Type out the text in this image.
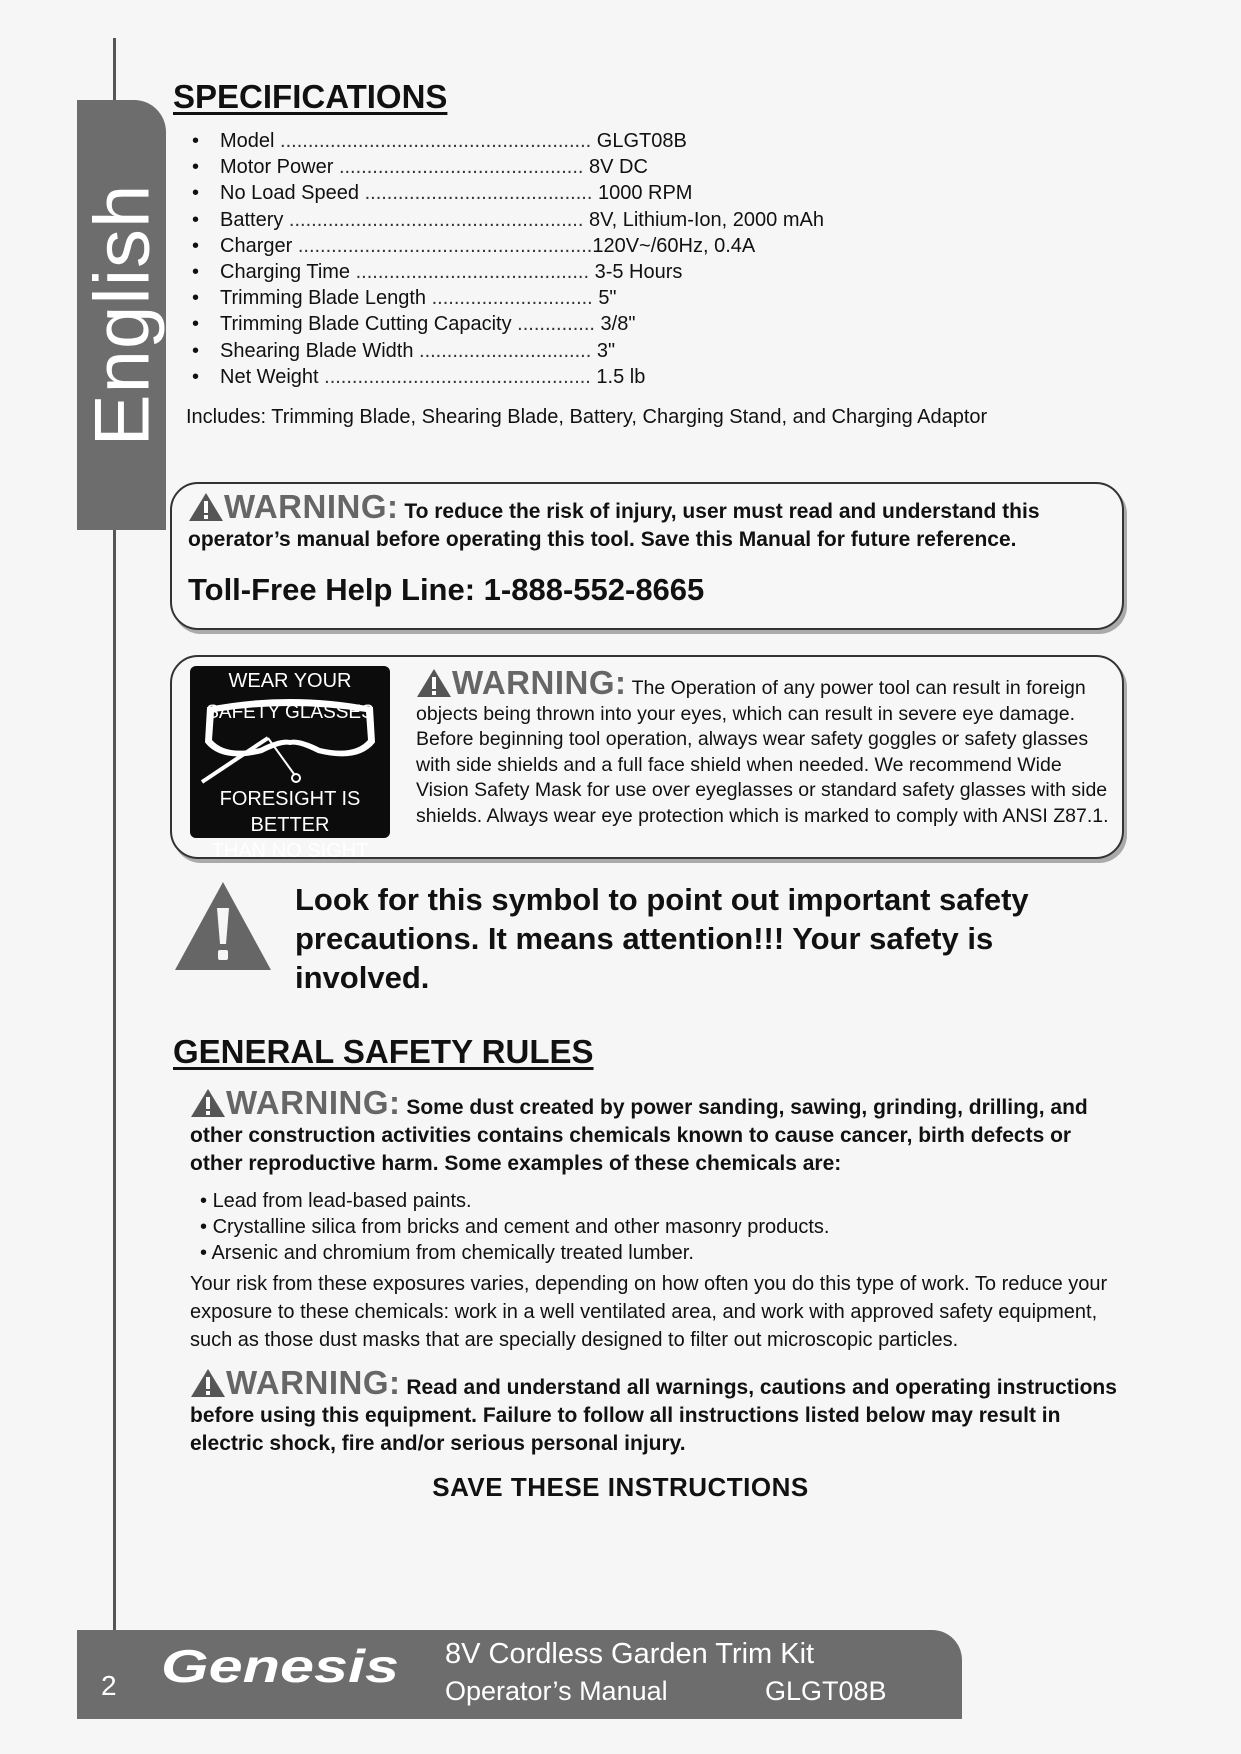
English
SPECIFICATIONS
• Model ........................................................ GLGT08B
• Motor Power ............................................ 8V DC
• No Load Speed ......................................... 1000 RPM
• Battery ..................................................... 8V, Lithium-Ion, 2000 mAh
• Charger .....................................................120V~/60Hz, 0.4A
• Charging Time .......................................... 3-5 Hours
• Trimming Blade Length ............................. 5"
• Trimming Blade Cutting Capacity .............. 3/8"
• Shearing Blade Width ............................... 3"
• Net Weight ................................................ 1.5 lb
Includes: Trimming Blade, Shearing Blade, Battery, Charging Stand, and Charging Adaptor
WARNING: To reduce the risk of injury, user must read and understand this operator’s manual before operating this tool. Save this Manual for future reference.
Toll-Free Help Line: 1-888-552-8665
WEAR YOUR
SAFETY GLASSES
FORESIGHT IS BETTER
THAN NO SIGHT
WARNING: The Operation of any power tool can result in foreign objects being thrown into your eyes, which can result in severe eye damage. Before beginning tool operation, always wear safety goggles or safety glasses with side shields and a full face shield when needed. We recommend Wide Vision Safety Mask for use over eyeglasses or standard safety glasses with side shields. Always wear eye protection which is marked to comply with ANSI Z87.1.
Look for this symbol to point out important safety precautions. It means attention!!! Your safety is involved.
GENERAL SAFETY RULES
WARNING: Some dust created by power sanding, sawing, grinding, drilling, and other construction activities contains chemicals known to cause cancer, birth defects or other reproductive harm. Some examples of these chemicals are:
• Lead from lead-based paints.
• Crystalline silica from bricks and cement and other masonry products.
• Arsenic and chromium from chemically treated lumber.
Your risk from these exposures varies, depending on how often you do this type of work. To reduce your exposure to these chemicals: work in a well ventilated area, and work with approved safety equipment, such as those dust masks that are specially designed to filter out microscopic particles.
WARNING: Read and understand all warnings, cautions and operating instructions before using this equipment. Failure to follow all instructions listed below may result in electric shock, fire and/or serious personal injury.
SAVE THESE INSTRUCTIONS
2 Genesis 8V Cordless Garden Trim Kit
Operator’s Manual	GLGT08B
